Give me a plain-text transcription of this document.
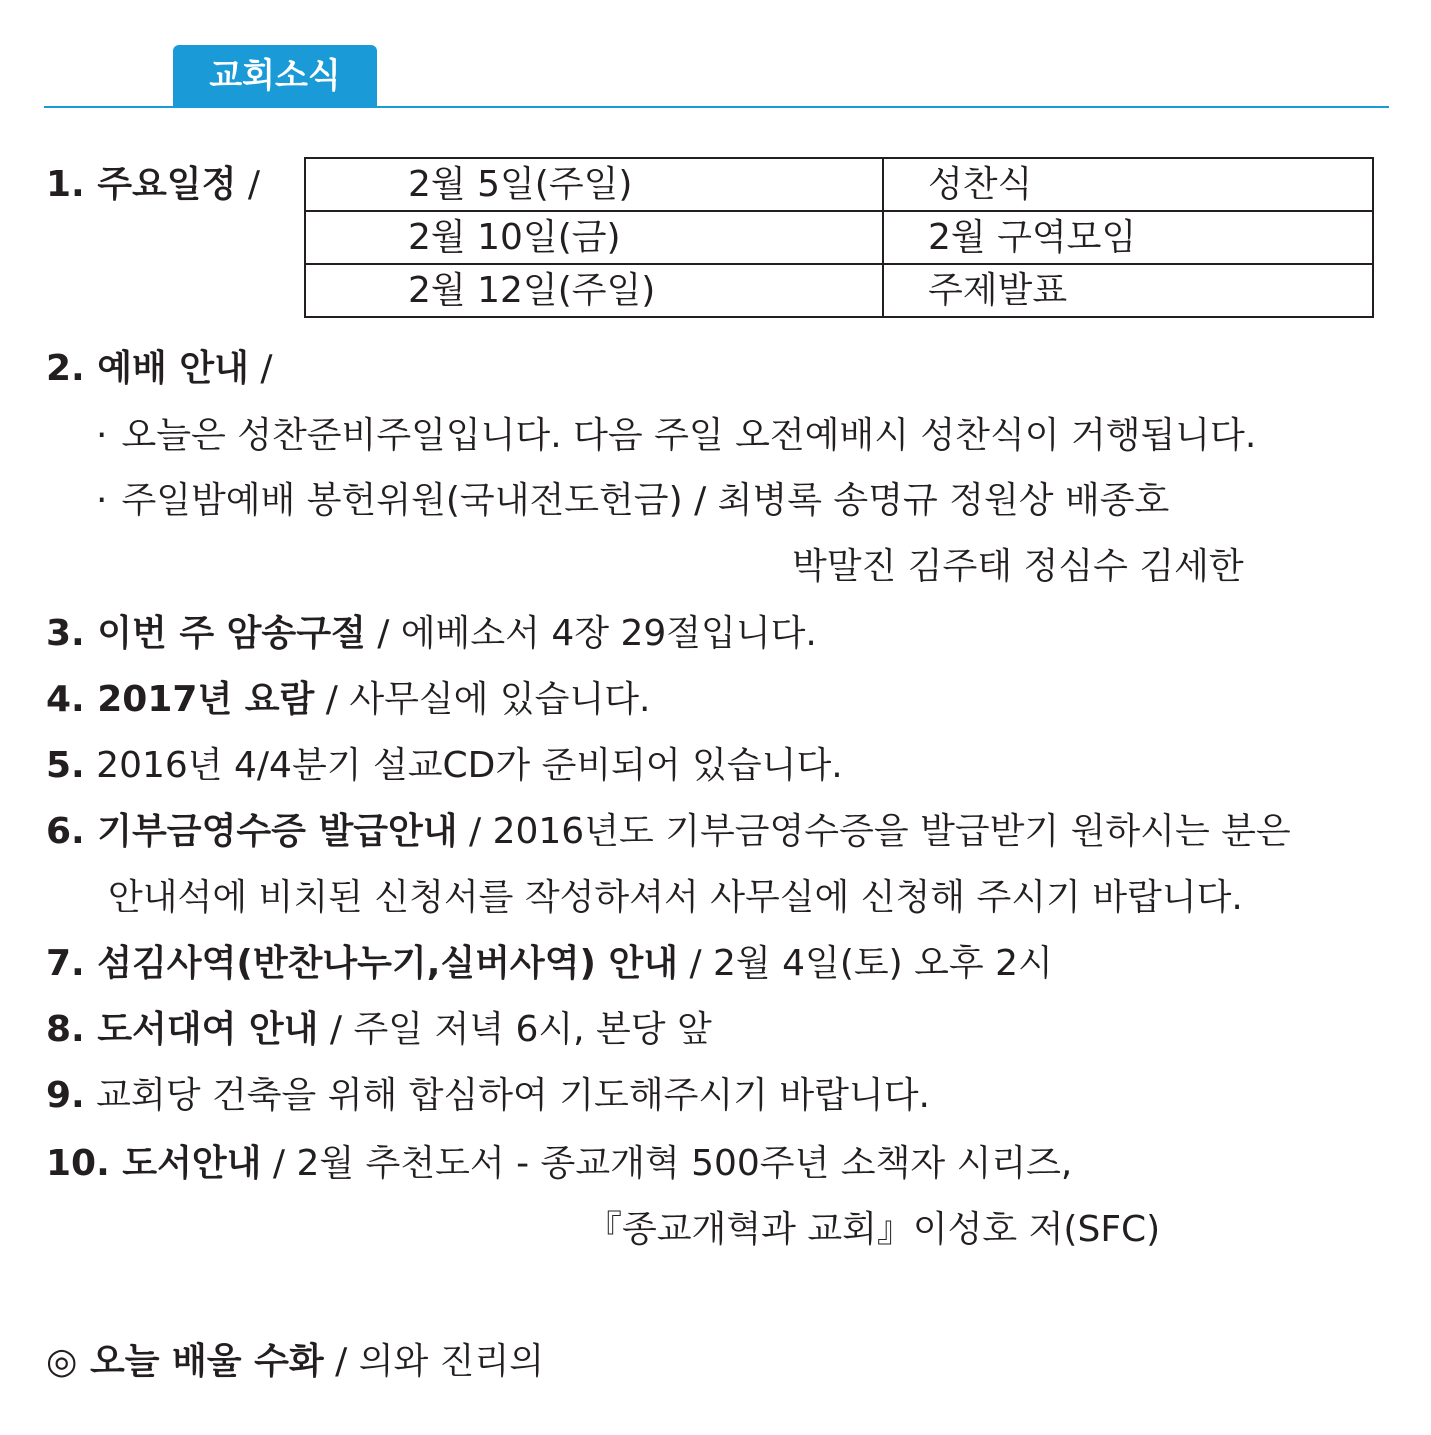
교회소식
1. 주요일정 /	2월 5일(주일)	성찬식
2월 10일(금)	2월 구역모임
2월 12일(주일)	주제발표
2. 예배 안내 /
· 오늘은 성찬준비주일입니다. 다음 주일 오전예배시 성찬식이 거행됩니다.
· 주일밤예배 봉헌위원(국내전도헌금) / 최병록 송명규 정원상 배종호
박말진 김주태 정심수 김세한
3. 이번 주 암송구절 / 에베소서 4장 29절입니다.
4. 2017년 요람 / 사무실에 있습니다.
5. 2016년 4/4분기 설교CD가 준비되어 있습니다.
6. 기부금영수증 발급안내 / 2016년도 기부금영수증을 발급받기 원하시는 분은
안내석에 비치된 신청서를 작성하셔서 사무실에 신청해 주시기 바랍니다.
7. 섬김사역(반찬나누기,실버사역) 안내 / 2월 4일(토) 오후 2시
8. 도서대여 안내 / 주일 저녁 6시, 본당 앞
9. 교회당 건축을 위해 합심하여 기도해주시기 바랍니다.
10. 도서안내 / 2월 추천도서 - 종교개혁 500주년 소책자 시리즈,
『종교개혁과 교회』이성호 저(SFC)
◎ 오늘 배울 수화 / 의와 진리의
